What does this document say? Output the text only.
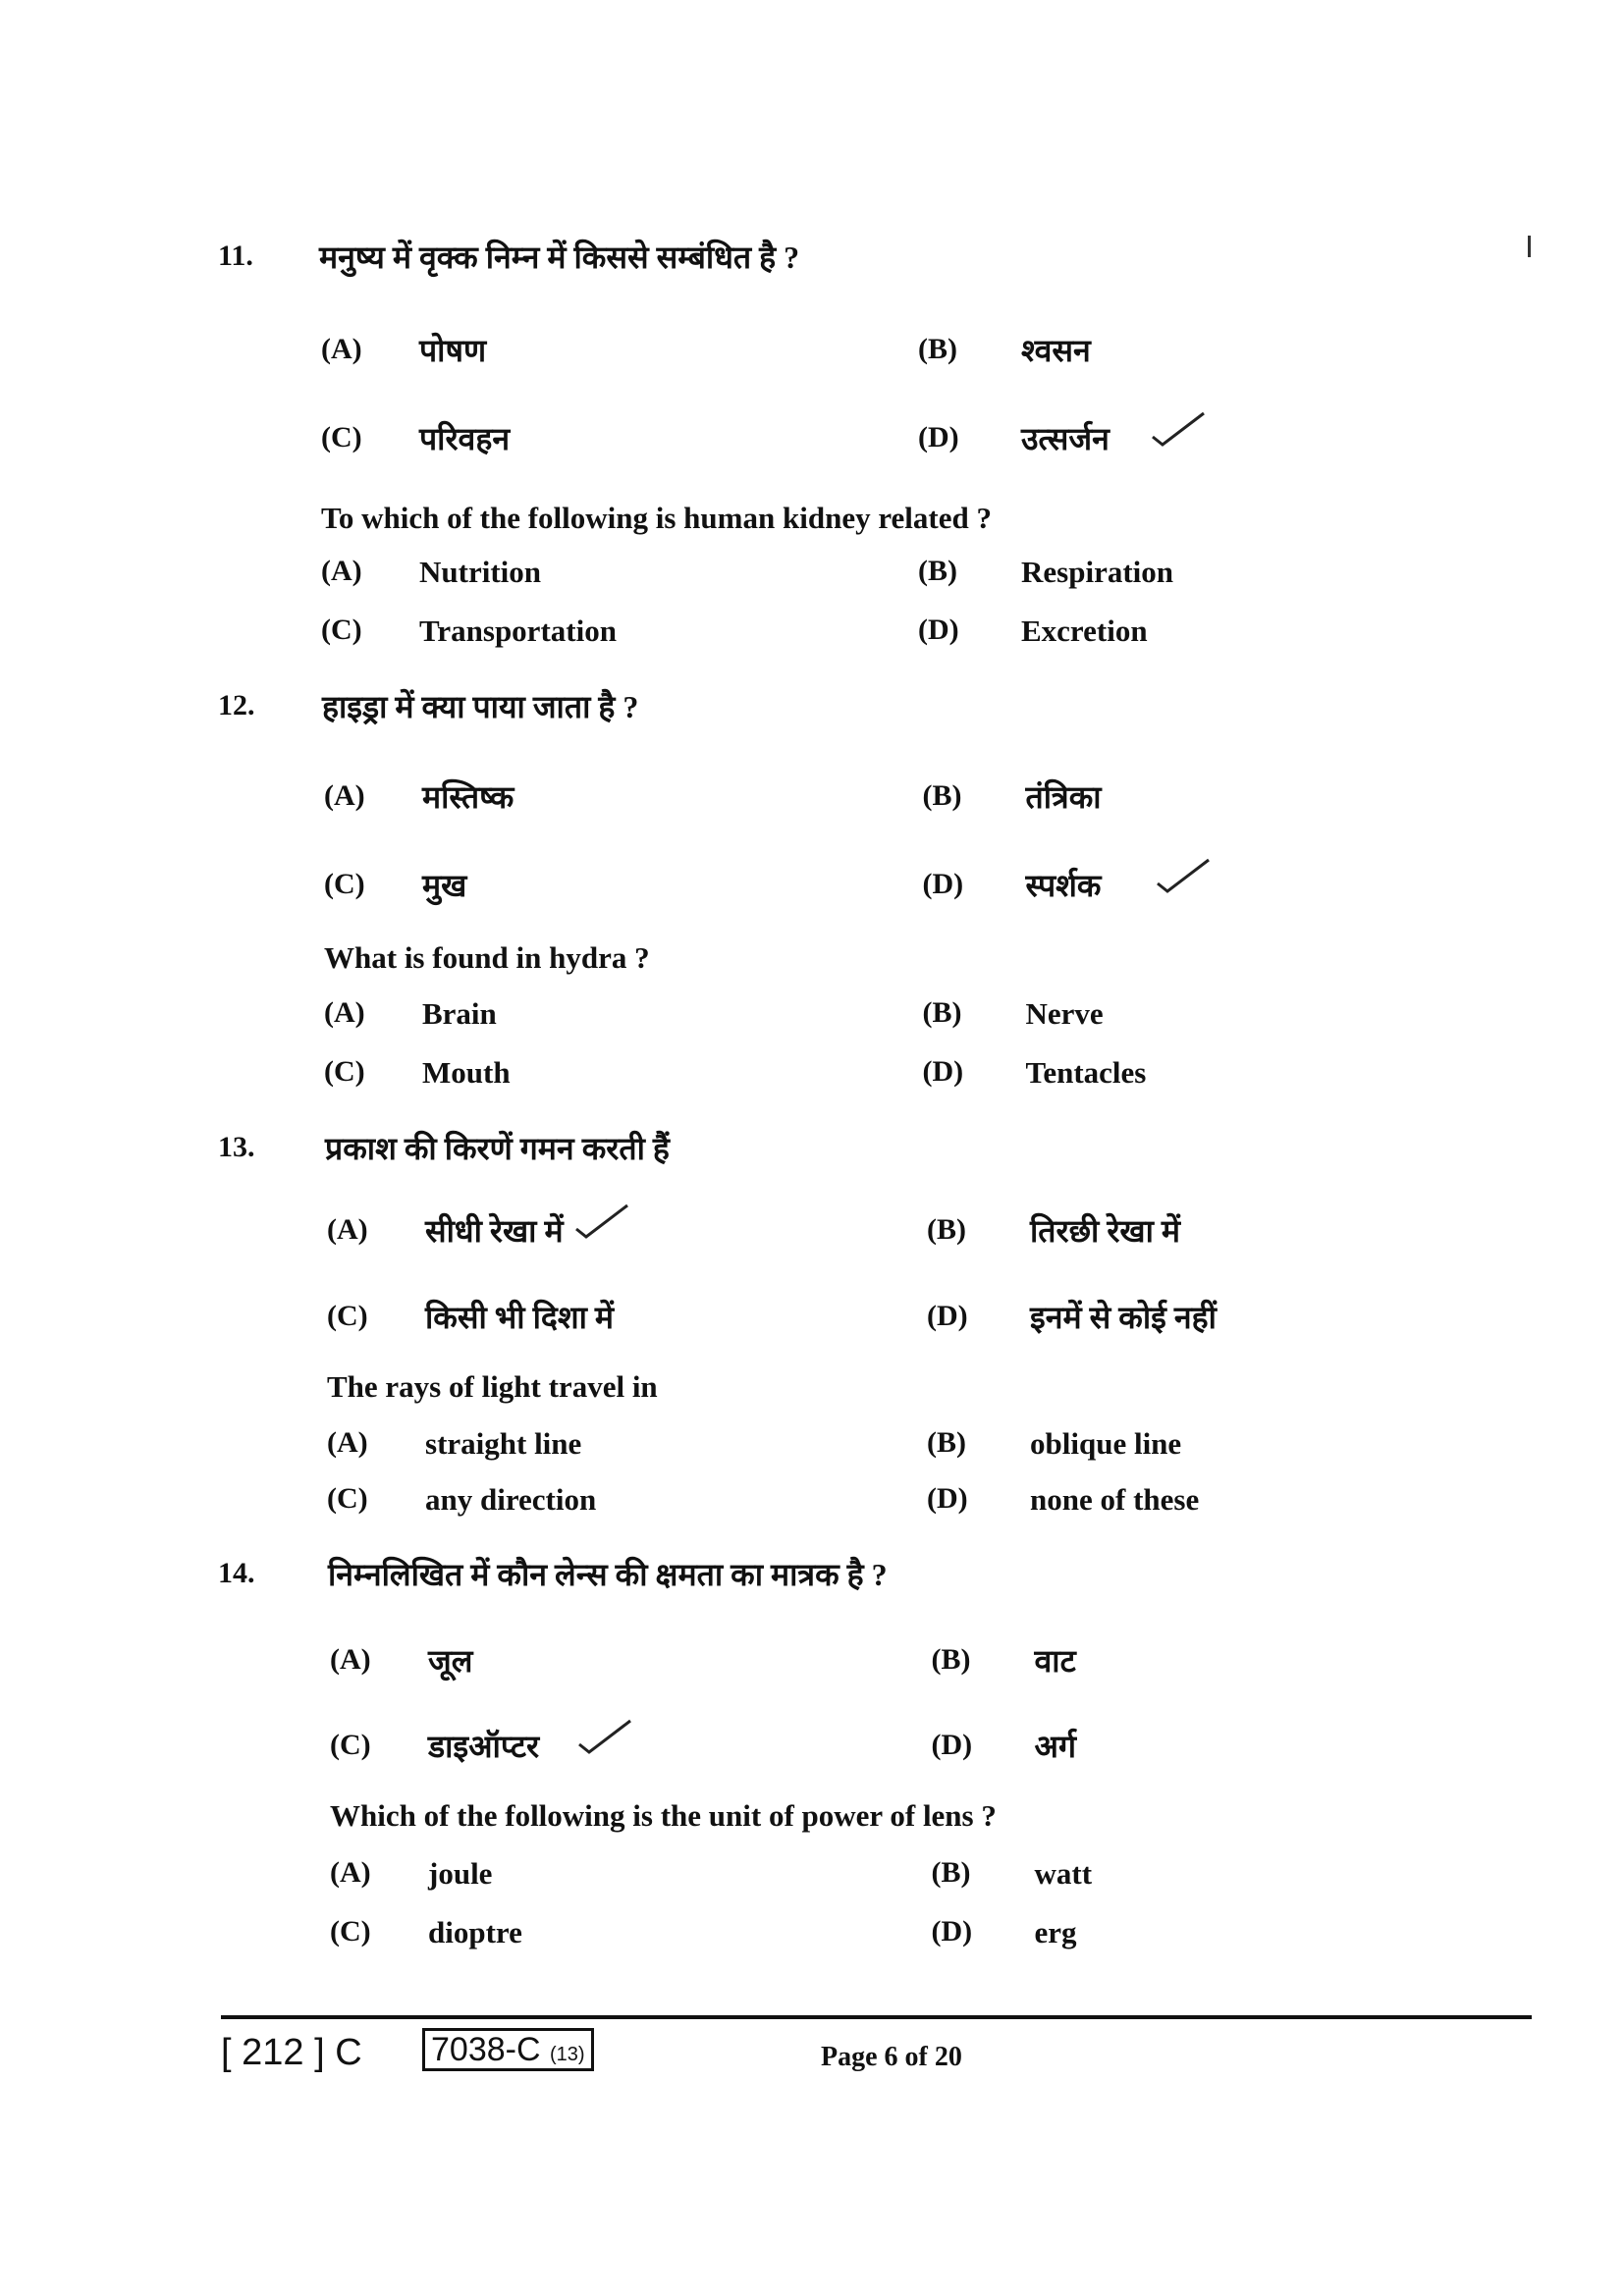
11. मनुष्य में वृक्क निम्न में किससे सम्बंधित है ?
To which of the following is human kidney related ?
(A) पोषण
(A) Nutrition
(B) श्वसन
(B) Respiration
(C) परिवहन
(C) Transportation
(D) उत्सर्जन
(D) Excretion
12. हाइड्रा में क्या पाया जाता है ?
What is found in hydra ?
(A) मस्तिष्क
(A) Brain
(B) तंत्रिका
(B) Nerve
(C) मुख
(C) Mouth
(D) स्पर्शक
(D) Tentacles
13. प्रकाश की किरणें गमन करती हैं
The rays of light travel in
(A) सीधी रेखा में
(A) straight line
(B) तिरछी रेखा में
(B) oblique line
(C) किसी भी दिशा में
(C) any direction
(D) इनमें से कोई नहीं
(D) none of these
14. निम्नलिखित में कौन लेन्स की क्षमता का मात्रक है ?
Which of the following is the unit of power of lens ?
(A) जूल
(A) joule
(B) वाट
(B) watt
(C) डाइऑप्टर
(C) dioptre
(D) अर्ग
(D) erg
[ 212 ] C 7038-C (13)	Page 6 of 20
